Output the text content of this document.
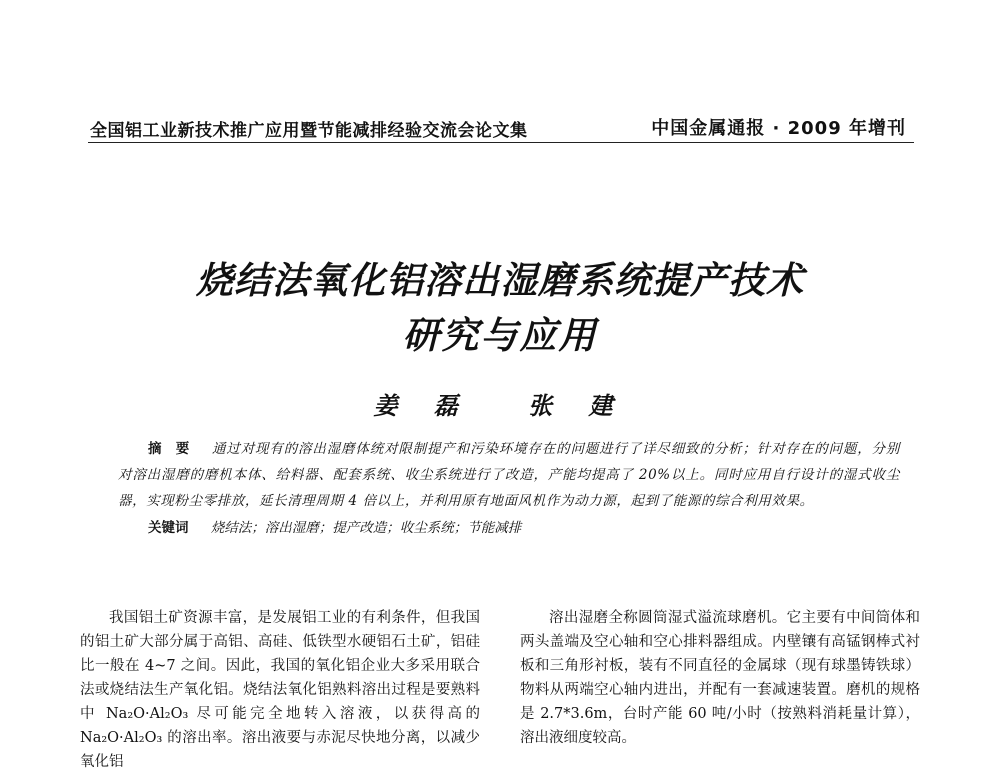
全国铝工业新技术推广应用暨节能减排经验交流会论文集	中国金属通报 · 2009 年增刊
烧结法氧化铝溶出湿磨系统提产技术
研究与应用
姜 磊 张 建
摘要 通过对现有的溶出湿磨体统对限制提产和污染环境存在的问题进行了详尽细致的分析；针对存在的问题，分别对溶出湿磨的磨机本体、给料器、配套系统、收尘系统进行了改造，产能均提高了 20%以上。同时应用自行设计的湿式收尘器，实现粉尘零排放，延长清理周期 4 倍以上，并利用原有地面风机作为动力源，起到了能源的综合利用效果。
关键词 烧结法；溶出湿磨；提产改造；收尘系统；节能减排
我国铝土矿资源丰富，是发展铝工业的有利条件，但我国的铝土矿大部分属于高铝、高硅、低铁型水硬铝石土矿，铝硅比一般在 4~7 之间。因此，我国的氧化铝企业大多采用联合法或烧结法生产氧化铝。烧结法氧化铝熟料溶出过程是要熟料中 Na₂O·Al₂O₃ 尽可能完全地转入溶液，以获得高的 Na₂O·Al₂O₃ 的溶出率。溶出液要与赤泥尽快地分离，以减少氧化铝
溶出湿磨全称圆筒湿式溢流球磨机。它主要有中间筒体和两头盖端及空心轴和空心排料器组成。内壁镶有高锰钢棒式衬板和三角形衬板，装有不同直径的金属球（现有球墨铸铁球）物料从两端空心轴内进出，并配有一套减速装置。磨机的规格是 2.7*3.6m，台时产能 60 吨/小时（按熟料消耗量计算），溶出液细度较高。
